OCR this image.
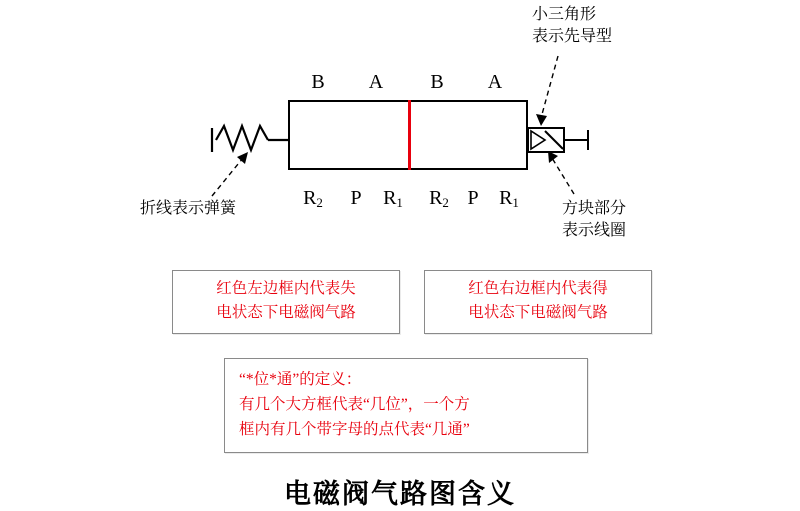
小三角形
表示先导型
折线表示弹簧	方块部分
表示线圈
B	A	B	A
R2	P	R1 R2 P	R1
红色左边框内代表失
电状态下电磁阀气路
红色右边框内代表得
电状态下电磁阀气路
“*位*通”的定义：
有几个大方框代表“几位”，一个方
框内有几个带字母的点代表“几通”
电磁阀气路图含义
